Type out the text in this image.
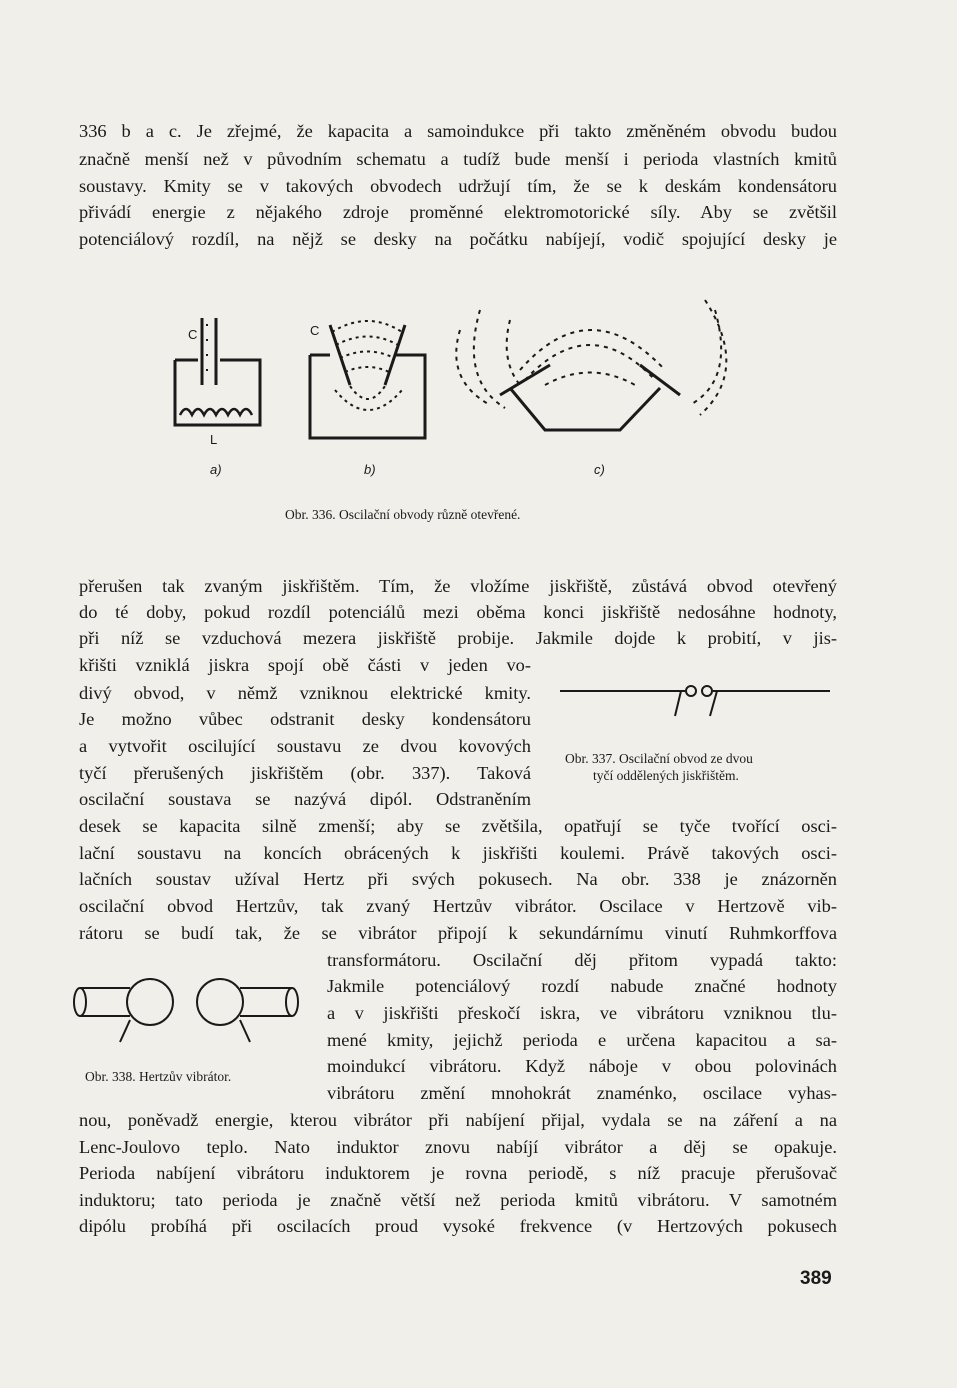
336 b a c. Je zřejmé, že kapacita a samoindukce při takto změněném obvodu budou
značně menší než v původním schematu a tudíž bude menší i perioda vlastních kmitů
soustavy. Kmity se v takových obvodech udržují tím, že se k deskám kondensátoru
přivádí energie z nějakého zdroje proměnné elektromotorické síly. Aby se zvětšil
potenciálový rozdíl, na nějž se desky na počátku nabíjejí, vodič spojující desky je
C
L
C
a)	b)	c)
Obr. 336. Oscilační obvody různě otevřené.
přerušen tak zvaným jiskřištěm. Tím, že vložíme jiskřiště, zůstává obvod otevřený
do té doby, pokud rozdíl potenciálů mezi oběma konci jiskřiště nedosáhne hodnoty,
při níž se vzduchová mezera jiskřiště probije. Jakmile dojde k probití, v jis-
křišti vzniklá jiskra spojí obě části v jeden vo-
divý obvod, v němž vzniknou elektrické kmity.
Je možno vůbec odstranit desky kondensátoru
a vytvořit oscilující soustavu ze dvou kovových
tyčí přerušených jiskřištěm (obr. 337). Taková
oscilační soustava se nazývá dipól. Odstraněním
desek se kapacita silně zmenší; aby se zvětšila, opatřují se tyče tvořící osci-
lační soustavu na koncích obrácených k jiskřišti koulemi. Právě takových osci-
lačních soustav užíval Hertz při svých pokusech. Na obr. 338 je znázorněn
oscilační obvod Hertzův, tak zvaný Hertzův vibrátor. Oscilace v Hertzově vib-
rátoru se budí tak, že se vibrátor připojí k sekundárnímu vinutí Ruhmkorffova
Obr. 337. Oscilační obvod ze dvou
tyčí oddělených jiskřištěm.
Obr. 338. Hertzův vibrátor.
transformátoru. Oscilační děj přitom vypadá takto:
Jakmile potenciálový rozdí nabude značné hodnoty
a v jiskřišti přeskočí iskra, ve vibrátoru vzniknou tlu-
mené kmity, jejichž perioda e určena kapacitou a sa-
moindukcí vibrátoru. Když náboje v obou polovinách
vibrátoru změní mnohokrát znaménko, oscilace vyhas-
nou, poněvadž energie, kterou vibrátor při nabíjení přijal, vydala se na záření a na
Lenc-Joulovo teplo. Nato induktor znovu nabíjí vibrátor a děj se opakuje.
Perioda nabíjení vibrátoru induktorem je rovna periodě, s níž pracuje přerušovač
induktoru; tato perioda je značně větší než perioda kmitů vibrátoru. V samotném
dipólu probíhá při oscilacích proud vysoké frekvence (v Hertzových pokusech
389
